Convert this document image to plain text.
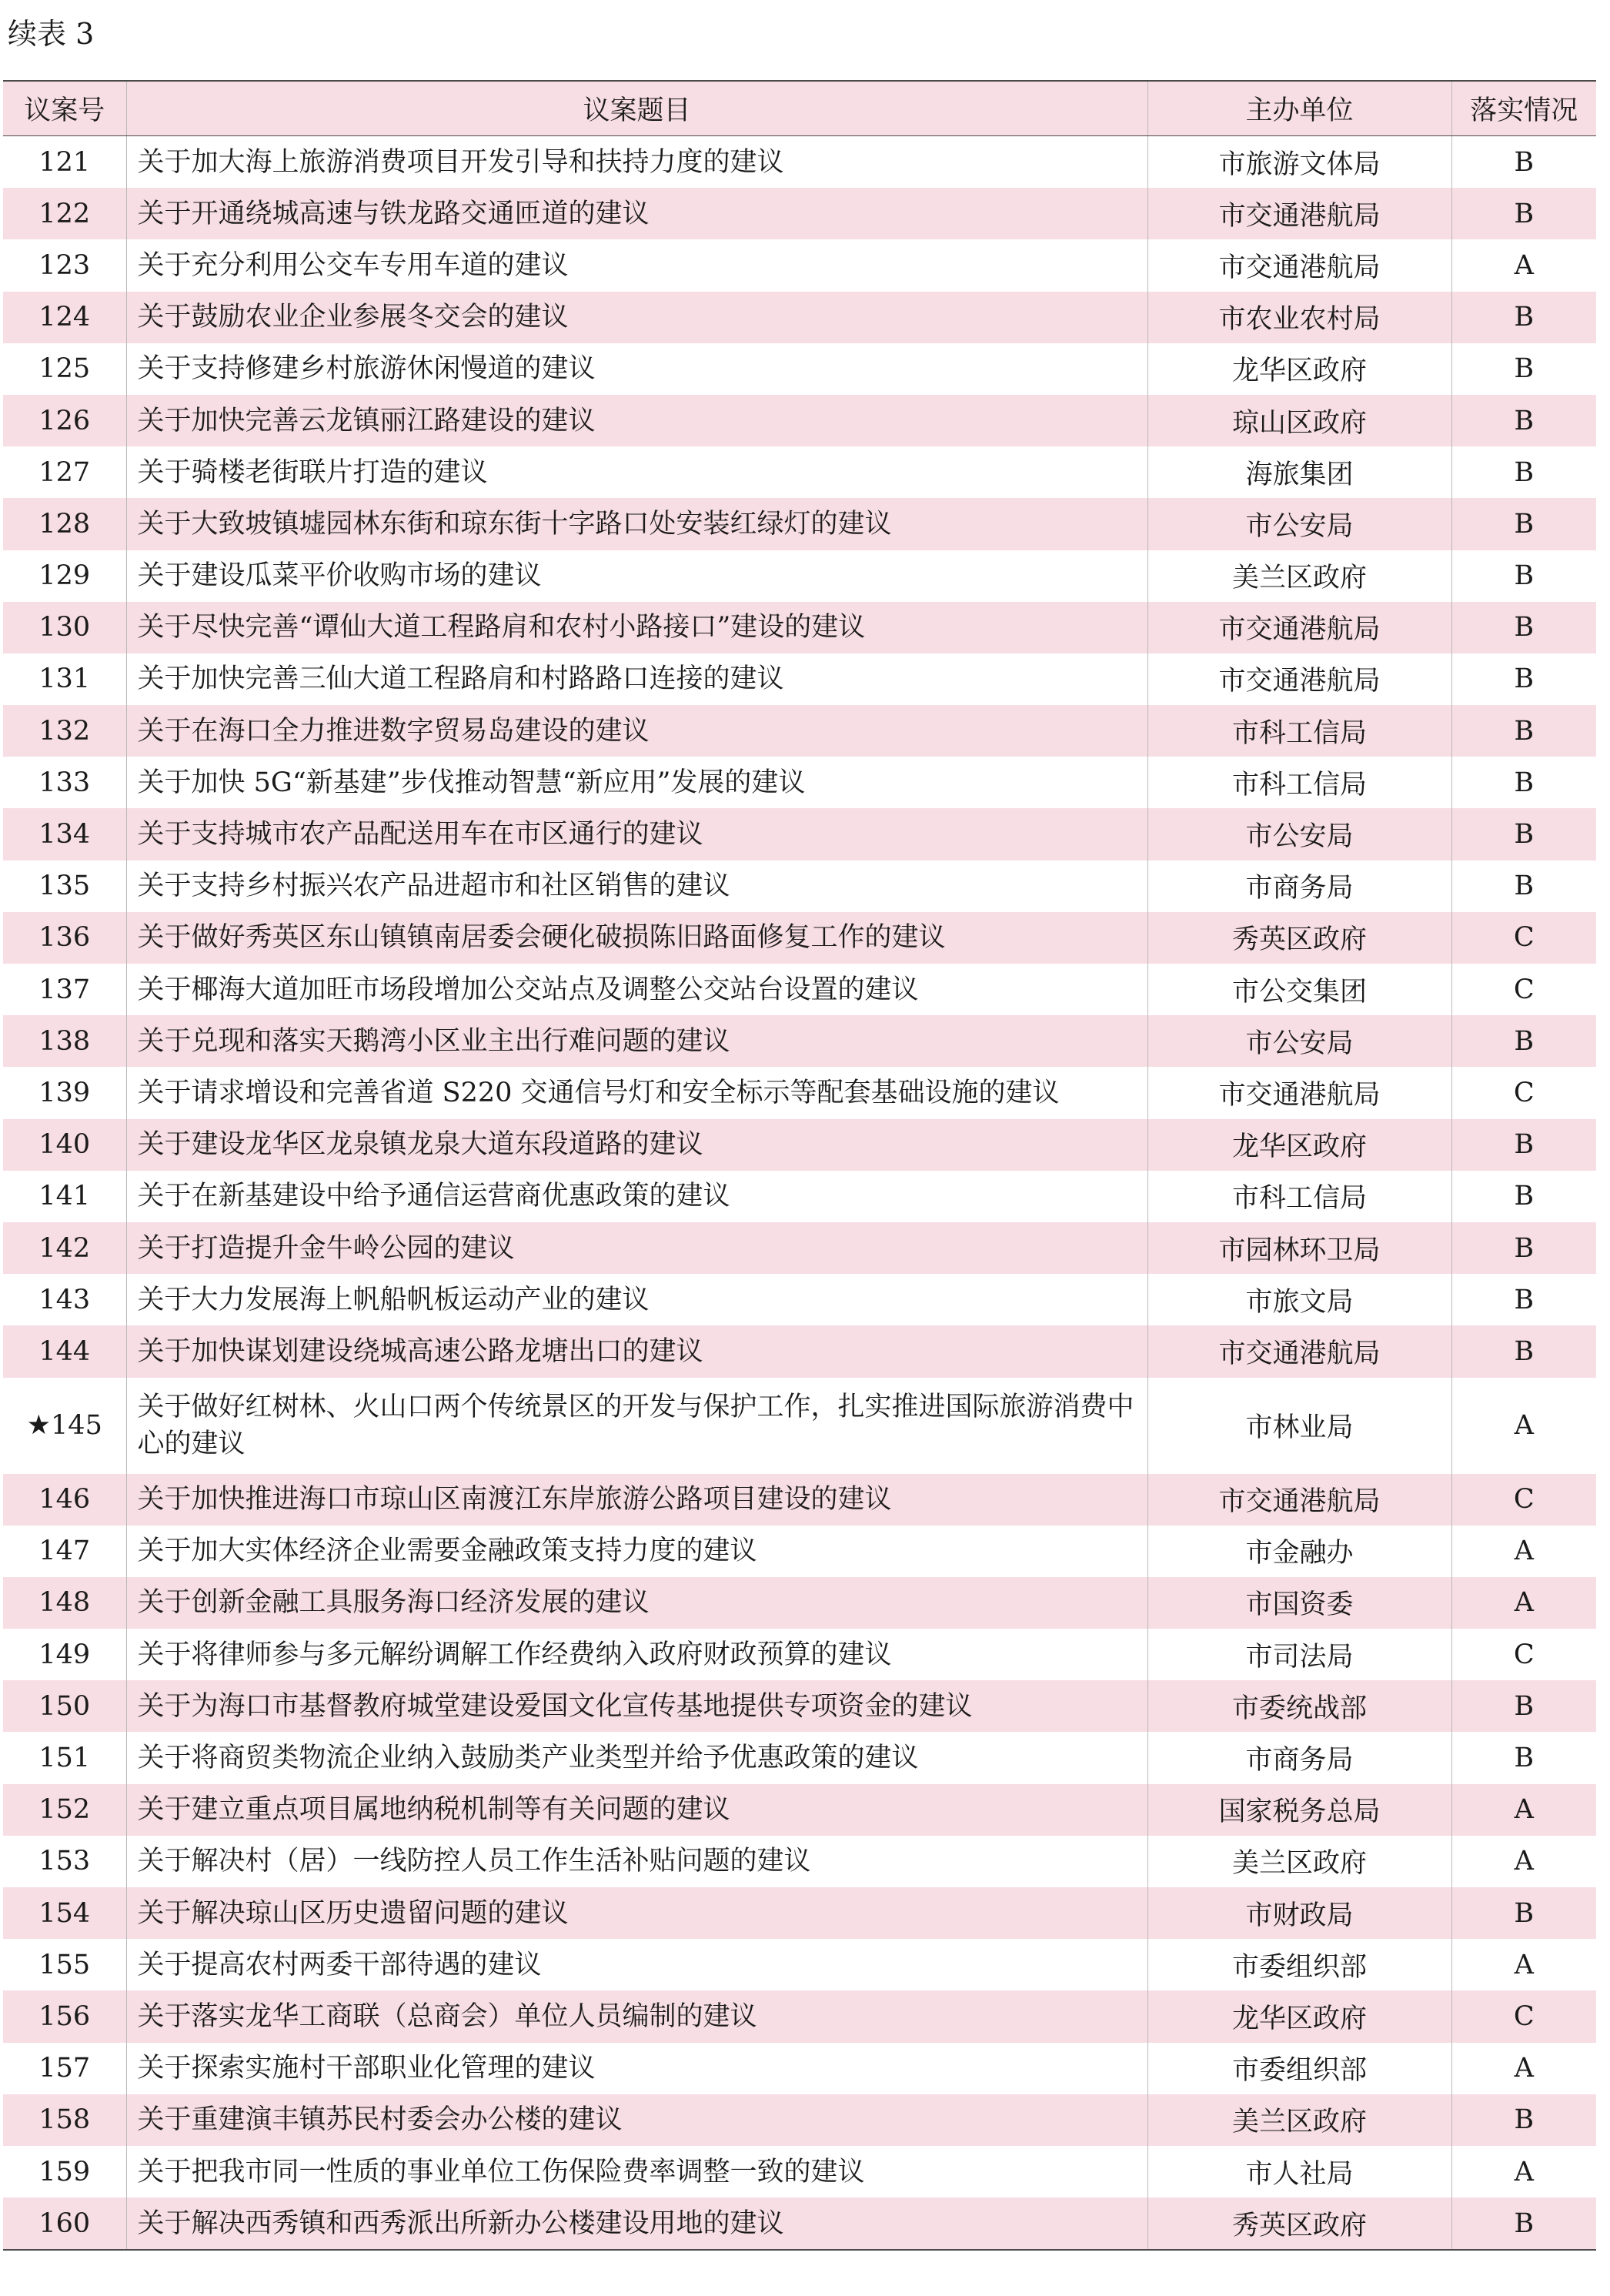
续表 3
议案号	议案题目	主办单位	落实情况
121	关于加大海上旅游消费项目开发引导和扶持力度的建议	市旅游文体局	B
122	关于开通绕城高速与铁龙路交通匝道的建议	市交通港航局	B
123	关于充分利用公交车专用车道的建议	市交通港航局	A
124	关于鼓励农业企业参展冬交会的建议	市农业农村局	B
125	关于支持修建乡村旅游休闲慢道的建议	龙华区政府	B
126	关于加快完善云龙镇丽江路建设的建议	琼山区政府	B
127	关于骑楼老街联片打造的建议	海旅集团	B
128	关于大致坡镇墟园林东街和琼东街十字路口处安装红绿灯的建议	市公安局	B
129	关于建设瓜菜平价收购市场的建议	美兰区政府	B
130	关于尽快完善“谭仙大道工程路肩和农村小路接口”建设的建议	市交通港航局	B
131	关于加快完善三仙大道工程路肩和村路路口连接的建议	市交通港航局	B
132	关于在海口全力推进数字贸易岛建设的建议	市科工信局	B
133	关于加快 5G“新基建”步伐推动智慧“新应用”发展的建议	市科工信局	B
134	关于支持城市农产品配送用车在市区通行的建议	市公安局	B
135	关于支持乡村振兴农产品进超市和社区销售的建议	市商务局	B
136	关于做好秀英区东山镇镇南居委会硬化破损陈旧路面修复工作的建议	秀英区政府	C
137	关于椰海大道加旺市场段增加公交站点及调整公交站台设置的建议	市公交集团	C
138	关于兑现和落实天鹅湾小区业主出行难问题的建议	市公安局	B
139	关于请求增设和完善省道 S220 交通信号灯和安全标示等配套基础设施的建议	市交通港航局	C
140	关于建设龙华区龙泉镇龙泉大道东段道路的建议	龙华区政府	B
141	关于在新基建设中给予通信运营商优惠政策的建议	市科工信局	B
142	关于打造提升金牛岭公园的建议	市园林环卫局	B
143	关于大力发展海上帆船帆板运动产业的建议	市旅文局	B
144	关于加快谋划建设绕城高速公路龙塘出口的建议	市交通港航局	B
★145	关于做好红树林、火山口两个传统景区的开发与保护工作，扎实推进国际旅游消费中心的建议	市林业局	A
146	关于加快推进海口市琼山区南渡江东岸旅游公路项目建设的建议	市交通港航局	C
147	关于加大实体经济企业需要金融政策支持力度的建议	市金融办	A
148	关于创新金融工具服务海口经济发展的建议	市国资委	A
149	关于将律师参与多元解纷调解工作经费纳入政府财政预算的建议	市司法局	C
150	关于为海口市基督教府城堂建设爱国文化宣传基地提供专项资金的建议	市委统战部	B
151	关于将商贸类物流企业纳入鼓励类产业类型并给予优惠政策的建议	市商务局	B
152	关于建立重点项目属地纳税机制等有关问题的建议	国家税务总局	A
153	关于解决村（居）一线防控人员工作生活补贴问题的建议	美兰区政府	A
154	关于解决琼山区历史遗留问题的建议	市财政局	B
155	关于提高农村两委干部待遇的建议	市委组织部	A
156	关于落实龙华工商联（总商会）单位人员编制的建议	龙华区政府	C
157	关于探索实施村干部职业化管理的建议	市委组织部	A
158	关于重建演丰镇苏民村委会办公楼的建议	美兰区政府	B
159	关于把我市同一性质的事业单位工伤保险费率调整一致的建议	市人社局	A
160	关于解决西秀镇和西秀派出所新办公楼建设用地的建议	秀英区政府	B
